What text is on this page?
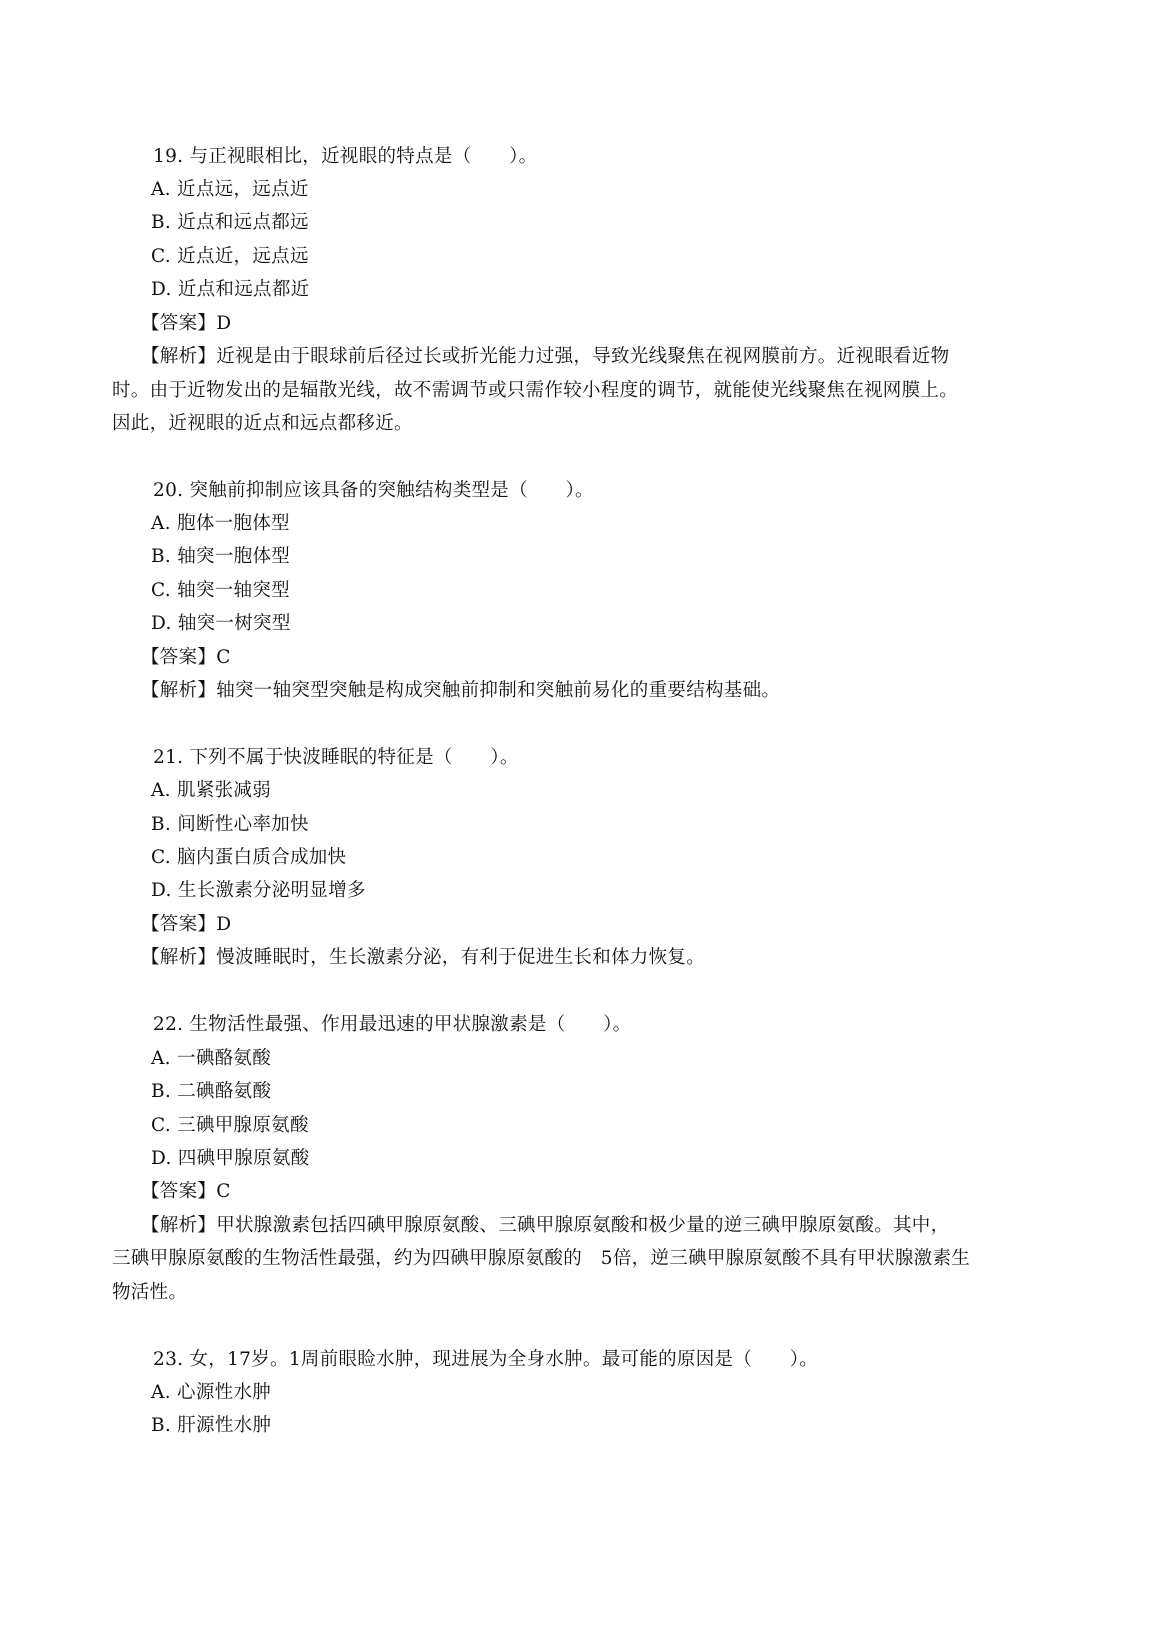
19. 与正视眼相比，近视眼的特点是（　　）。
A. 近点远，远点近
B. 近点和远点都远
C. 近点近，远点远
D. 近点和远点都近
【答案】D
【解析】近视是由于眼球前后径过长或折光能力过强，导致光线聚焦在视网膜前方。近视眼看近物
时。由于近物发出的是辐散光线，故不需调节或只需作较小程度的调节，就能使光线聚焦在视网膜上。
因此，近视眼的近点和远点都移近。
20. 突触前抑制应该具备的突触结构类型是（　　）。
A. 胞体一胞体型
B. 轴突一胞体型
C. 轴突一轴突型
D. 轴突一树突型
【答案】C
【解析】轴突一轴突型突触是构成突触前抑制和突触前易化的重要结构基础。
21. 下列不属于快波睡眠的特征是（　　）。
A. 肌紧张减弱
B. 间断性心率加快
C. 脑内蛋白质合成加快
D. 生长激素分泌明显增多
【答案】D
【解析】慢波睡眠时，生长激素分泌，有利于促进生长和体力恢复。
22. 生物活性最强、作用最迅速的甲状腺激素是（　　）。
A. 一碘酪氨酸
B. 二碘酪氨酸
C. 三碘甲腺原氨酸
D. 四碘甲腺原氨酸
【答案】C
【解析】甲状腺激素包括四碘甲腺原氨酸、三碘甲腺原氨酸和极少量的逆三碘甲腺原氨酸。其中，
三碘甲腺原氨酸的生物活性最强，约为四碘甲腺原氨酸的　5倍，逆三碘甲腺原氨酸不具有甲状腺激素生
物活性。
23. 女，17岁。1周前眼睑水肿，现进展为全身水肿。最可能的原因是（　　）。
A. 心源性水肿
B. 肝源性水肿
